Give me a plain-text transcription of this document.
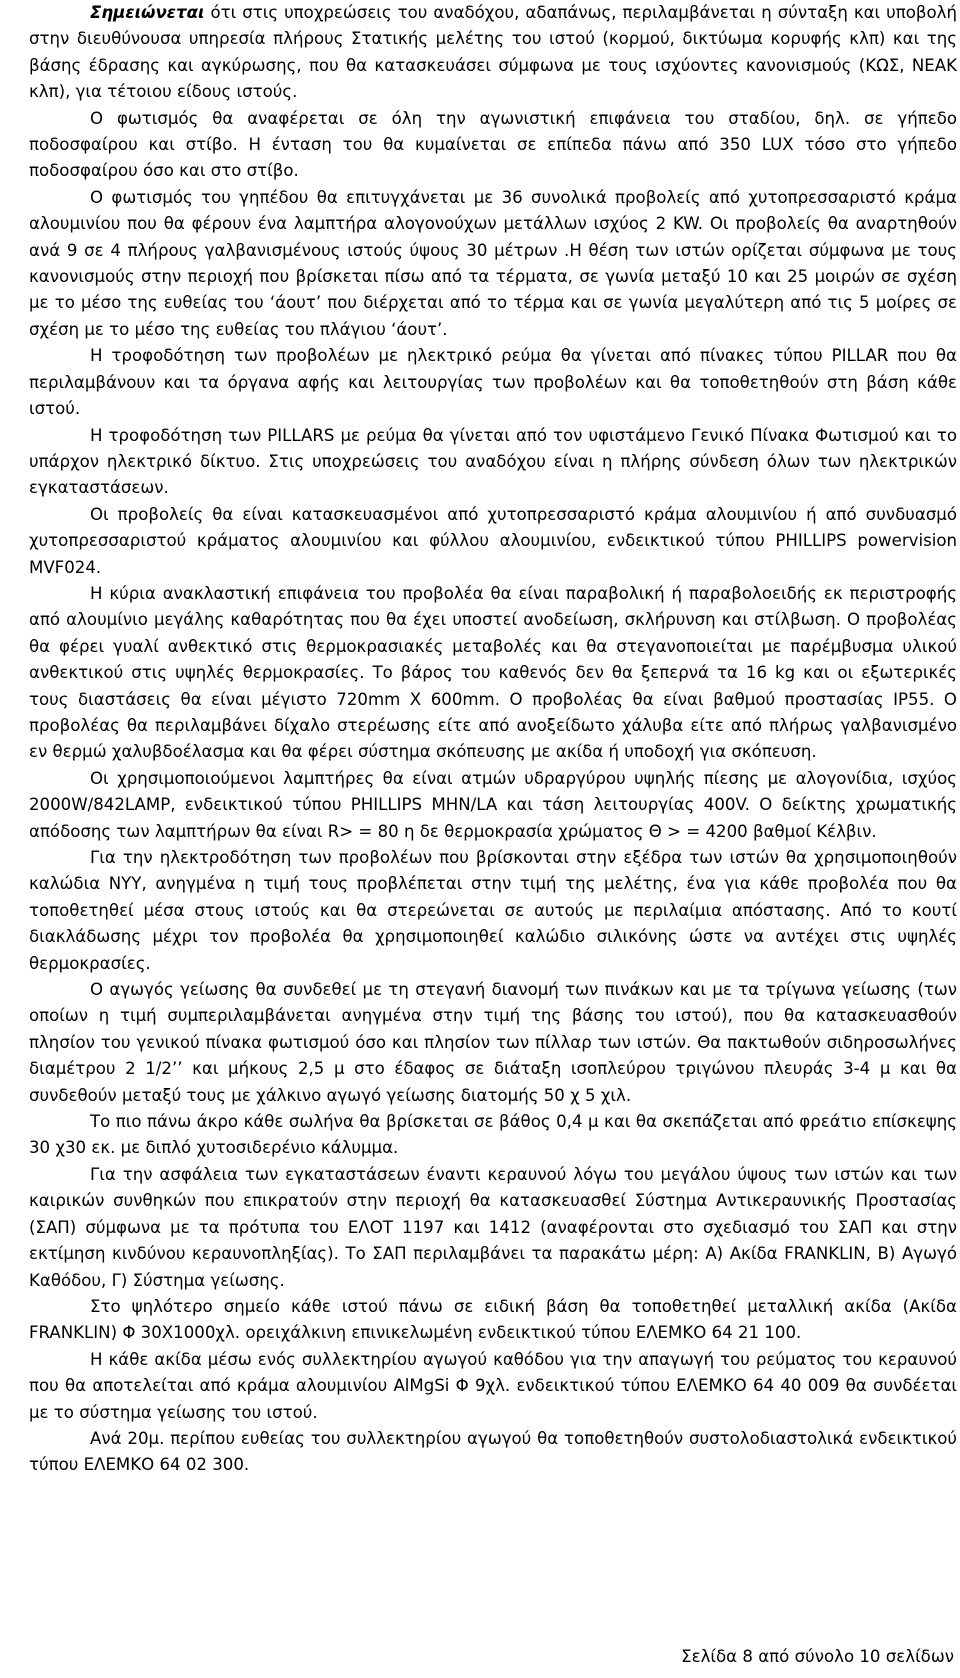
Σημειώνεται ότι στις υποχρεώσεις του αναδόχου, αδαπάνως, περιλαμβάνεται η σύνταξη και υποβολή στην διευθύνουσα υπηρεσία πλήρους Στατικής μελέτης του ιστού (κορμού, δικτύωμα κορυφής κλπ) και της βάσης έδρασης και αγκύρωσης, που θα κατασκευάσει σύμφωνα με τους ισχύοντες κανονισμούς (ΚΩΣ, ΝΕΑΚ κλπ), για τέτοιου είδους ιστούς.

Ο φωτισμός θα αναφέρεται σε όλη την αγωνιστική επιφάνεια του σταδίου, δηλ. σε γήπεδο ποδοσφαίρου και στίβο. Η ένταση του θα κυμαίνεται σε επίπεδα πάνω από 350 LUX τόσο στο γήπεδο ποδοσφαίρου όσο και στο στίβο.

Ο φωτισμός του γηπέδου θα επιτυγχάνεται με 36 συνολικά προβολείς από χυτοπρεσσαριστό κράμα αλουμινίου που θα φέρουν ένα λαμπτήρα αλογονούχων μετάλλων ισχύος 2 KW. Οι προβολείς θα αναρτηθούν ανά 9 σε 4 πλήρους γαλβανισμένους ιστούς ύψους 30 μέτρων .Η θέση των ιστών ορίζεται σύμφωνα με τους κανονισμούς στην περιοχή που βρίσκεται πίσω από τα τέρματα, σε γωνία μεταξύ 10 και 25 μοιρών σε σχέση με το μέσο της ευθείας του ‘άουτ’ που διέρχεται από το τέρμα και σε γωνία μεγαλύτερη από τις 5 μοίρες σε σχέση με το μέσο της ευθείας του πλάγιου ‘άουτ’.

Η τροφοδότηση των προβολέων με ηλεκτρικό ρεύμα θα γίνεται από πίνακες τύπου PILLAR που θα περιλαμβάνουν και τα όργανα αφής και λειτουργίας των προβολέων και θα τοποθετηθούν στη βάση κάθε ιστού.

Η τροφοδότηση των PILLARS με ρεύμα θα γίνεται από τον υφιστάμενο Γενικό Πίνακα Φωτισμού και το υπάρχον ηλεκτρικό δίκτυο. Στις υποχρεώσεις του αναδόχου είναι η πλήρης σύνδεση όλων των ηλεκτρικών εγκαταστάσεων.

Οι προβολείς θα είναι κατασκευασμένοι από χυτοπρεσσαριστό κράμα αλουμινίου ή από συνδυασμό χυτοπρεσσαριστού κράματος αλουμινίου και φύλλου αλουμινίου, ενδεικτικού τύπου PHILLIPS powervision MVF024.

Η κύρια ανακλαστική επιφάνεια του προβολέα θα είναι παραβολική ή παραβολοειδής εκ περιστροφής από αλουμίνιο μεγάλης καθαρότητας που θα έχει υποστεί ανοδείωση, σκλήρυνση και στίλβωση. Ο προβολέας θα φέρει γυαλί ανθεκτικό στις θερμοκρασιακές μεταβολές και θα στεγανοποιείται με παρέμβυσμα υλικού ανθεκτικού στις υψηλές θερμοκρασίες. Το βάρος του καθενός δεν θα ξεπερνά τα 16 kg και οι εξωτερικές τους διαστάσεις θα είναι μέγιστο 720mm X 600mm. Ο προβολέας θα είναι βαθμού προστασίας IP55. Ο προβολέας θα περιλαμβάνει δίχαλο στερέωσης είτε από ανοξείδωτο χάλυβα είτε από πλήρως γαλβανισμένο εν θερμώ χαλυβδοέλασμα και θα φέρει σύστημα σκόπευσης με ακίδα ή υποδοχή για σκόπευση.

Οι χρησιμοποιούμενοι λαμπτήρες θα είναι ατμών υδραργύρου υψηλής πίεσης με αλογονίδια, ισχύος 2000W/842LAMP, ενδεικτικού τύπου PHILLIPS MHN/LA και τάση λειτουργίας 400V. O δείκτης χρωματικής απόδοσης των λαμπτήρων θα είναι R> = 80 η δε θερμοκρασία χρώματος Θ > = 4200 βαθμοί Κέλβιν.

Για την ηλεκτροδότηση των προβολέων που βρίσκονται στην εξέδρα των ιστών θα χρησιμοποιηθούν καλώδια NYY, ανηγμένα η τιμή τους προβλέπεται στην τιμή της μελέτης, ένα για κάθε προβολέα που θα τοποθετηθεί μέσα στους ιστούς και θα στερεώνεται σε αυτούς με περιλαίμια απόστασης. Από το κουτί διακλάδωσης μέχρι τον προβολέα θα χρησιμοποιηθεί καλώδιο σιλικόνης ώστε να αντέχει στις υψηλές θερμοκρασίες.

Ο αγωγός γείωσης θα συνδεθεί με τη στεγανή διανομή των πινάκων και με τα τρίγωνα γείωσης (των οποίων η τιμή συμπεριλαμβάνεται ανηγμένα στην τιμή της βάσης του ιστού), που θα κατασκευασθούν πλησίον του γενικού πίνακα φωτισμού όσο και πλησίον των πίλλαρ των ιστών. Θα πακτωθούν σιδηροσωλήνες διαμέτρου 2 1/2’’ και μήκους 2,5 μ στο έδαφος σε διάταξη ισοπλεύρου τριγώνου πλευράς 3-4 μ και θα συνδεθούν μεταξύ τους με χάλκινο αγωγό γείωσης διατομής 50 χ 5 χιλ.

Το πιο πάνω άκρο κάθε σωλήνα θα βρίσκεται σε βάθος 0,4 μ και θα σκεπάζεται από φρεάτιο επίσκεψης 30 χ30 εκ. με διπλό χυτοσιδερένιο κάλυμμα.

Για την ασφάλεια των εγκαταστάσεων έναντι κεραυνού λόγω του μεγάλου ύψους των ιστών και των καιρικών συνθηκών που επικρατούν στην περιοχή θα κατασκευασθεί Σύστημα Αντικεραυνικής Προστασίας (ΣΑΠ) σύμφωνα με τα πρότυπα του ΕΛΟΤ 1197 και 1412 (αναφέρονται στο σχεδιασμό του ΣΑΠ και στην εκτίμηση κινδύνου κεραυνοπληξίας). Το ΣΑΠ περιλαμβάνει τα παρακάτω μέρη: Α) Ακίδα FRANKLIN, Β) Αγωγό Καθόδου, Γ) Σύστημα γείωσης.

Στο ψηλότερο σημείο κάθε ιστού πάνω σε ειδική βάση θα τοποθετηθεί μεταλλική ακίδα (Ακίδα FRANKLIN) Φ 30Χ1000χλ. ορειχάλκινη επινικελωμένη ενδεικτικού τύπου ΕΛΕΜΚΟ 64 21 100.

Η κάθε ακίδα μέσω ενός συλλεκτηρίου αγωγού καθόδου για την απαγωγή του ρεύματος του κεραυνού που θα αποτελείται από κράμα αλουμινίου AlMgSi Φ 9χλ. ενδεικτικού τύπου ΕΛΕΜΚΟ 64 40 009 θα συνδέεται με το σύστημα γείωσης του ιστού.

Ανά 20μ. περίπου ευθείας του συλλεκτηρίου αγωγού θα τοποθετηθούν συστολοδιαστολικά ενδεικτικού τύπου ΕΛΕΜΚΟ 64 02 300.

Σελίδα 8 από σύνολο 10 σελίδων
